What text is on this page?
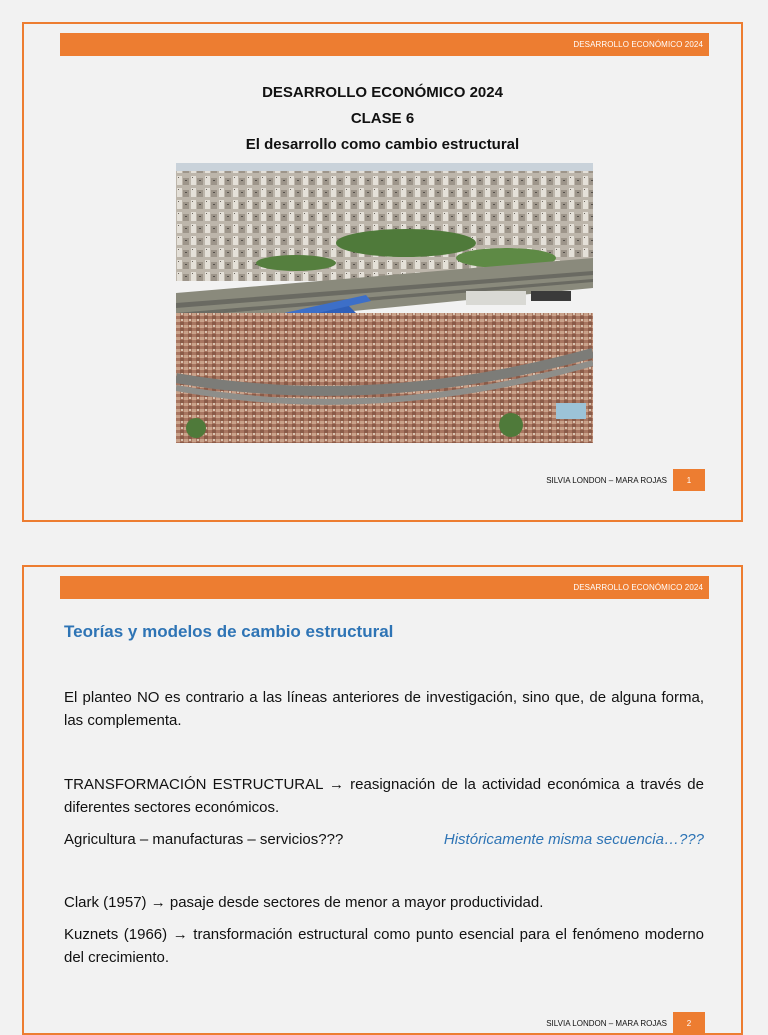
DESARROLLO ECONÓMICO 2024
DESARROLLO ECONÓMICO 2024
CLASE 6
El desarrollo como cambio estructural
SILVIA LONDON – MARA ROJAS	1
DESARROLLO ECONÓMICO 2024
Teorías y modelos de cambio estructural
El planteo NO es contrario a las líneas anteriores de investigación, sino que, de alguna forma, las complementa.
TRANSFORMACIÓN ESTRUCTURAL → reasignación de la actividad económica a través de diferentes sectores económicos.
Agricultura – manufacturas – servicios???	Históricamente misma secuencia…???
Clark (1957) → pasaje desde sectores de menor a mayor productividad.
Kuznets (1966) → transformación estructural como punto esencial para el fenómeno moderno del crecimiento.
SILVIA LONDON – MARA ROJAS	2
